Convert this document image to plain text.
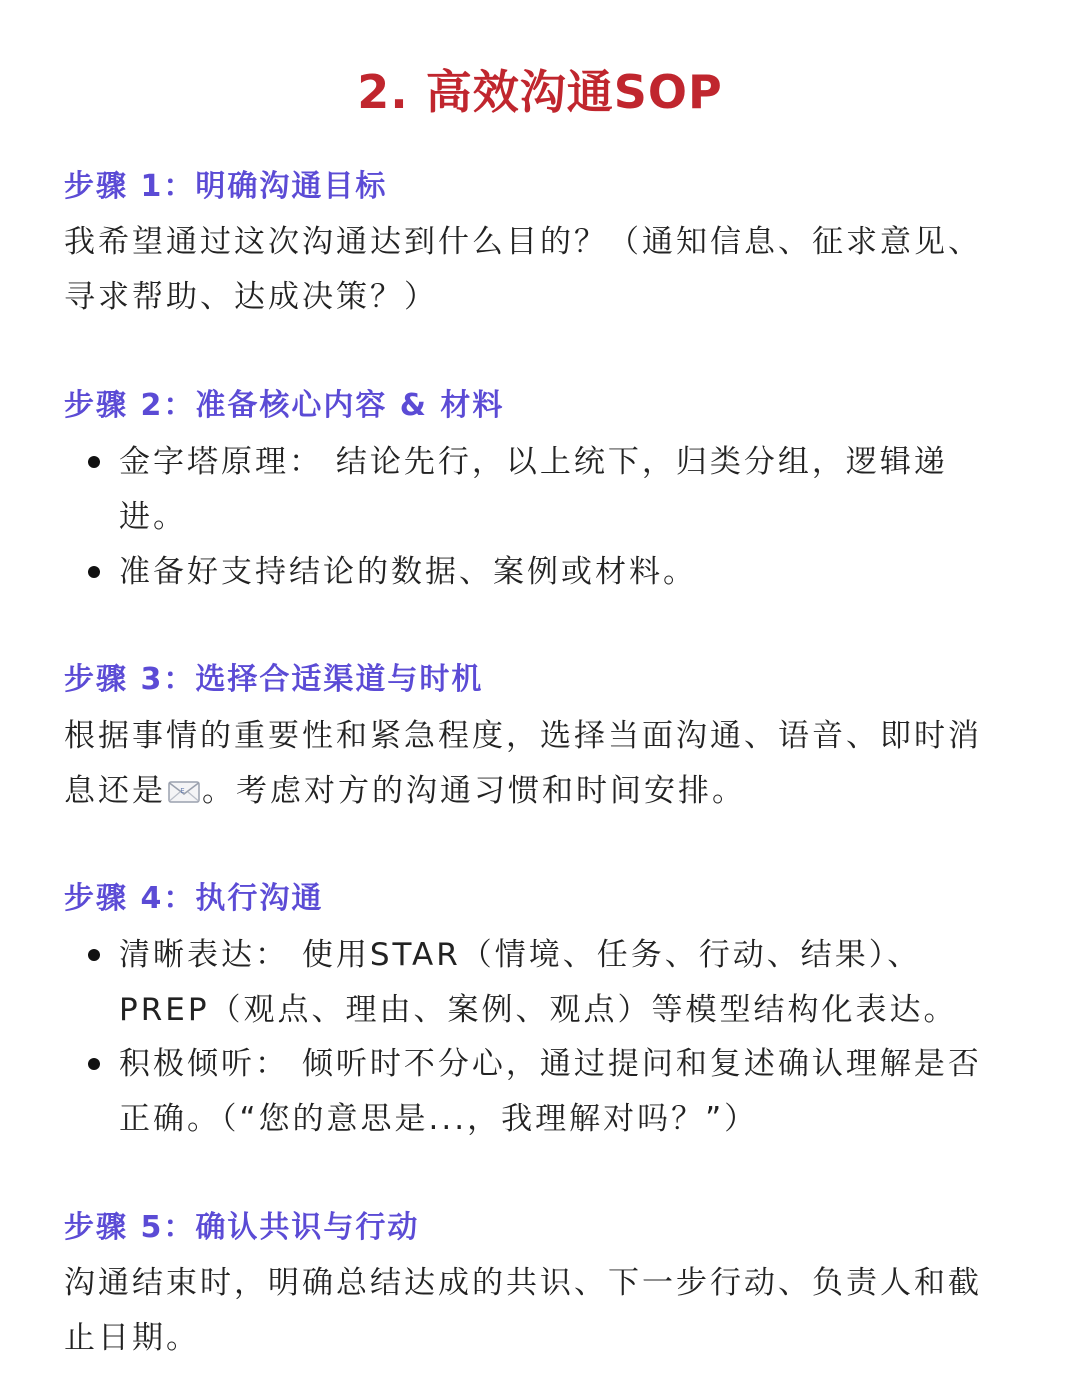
2. 高效沟通SOP
步骤 1：明确沟通目标
我希望通过这次沟通达到什么目的？（通知信息、征求意见、寻求帮助、达成决策？）
步骤 2：准备核心内容 & 材料
金字塔原理： 结论先行，以上统下，归类分组，逻辑递进。
准备好支持结论的数据、案例或材料。
步骤 3：选择合适渠道与时机
根据事情的重要性和紧急程度，选择当面沟通、语音、即时消息还是 E 。考虑对方的沟通习惯和时间安排。
步骤 4：执行沟通
清晰表达： 使用STAR（情境、任务、行动、结果）、PREP（观点、理由、案例、观点）等模型结构化表达。
积极倾听： 倾听时不分心，通过提问和复述确认理解是否正确。（“您的意思是...，我理解对吗？”）
步骤 5：确认共识与行动
沟通结束时，明确总结达成的共识、下一步行动、负责人和截止日期。
